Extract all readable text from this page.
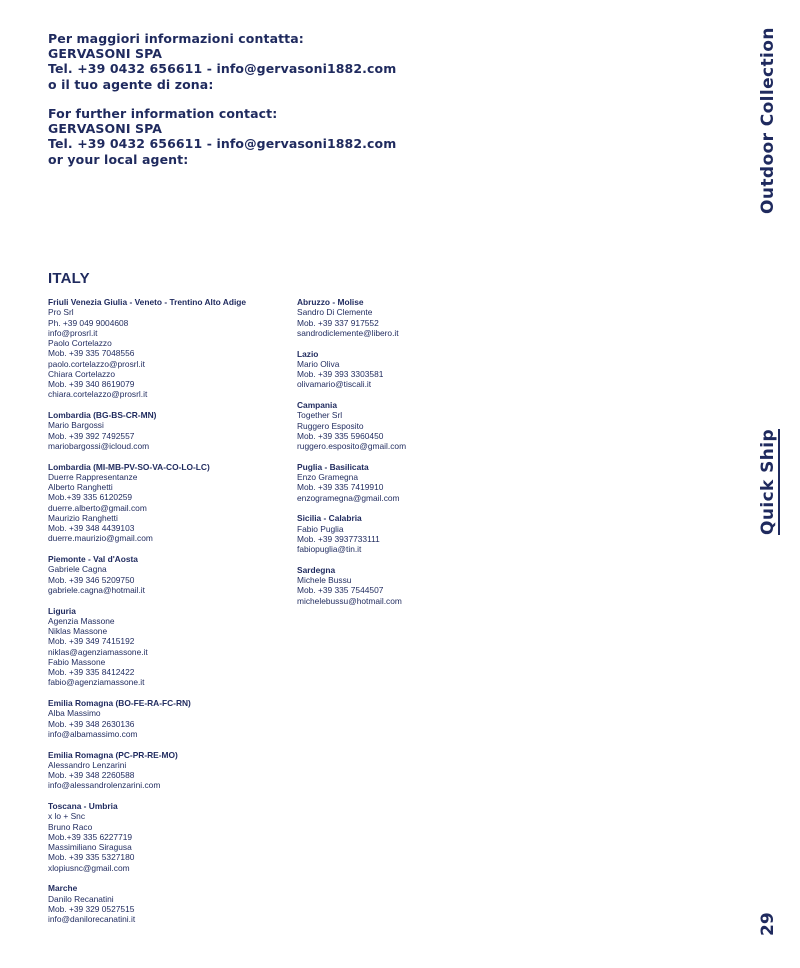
Per maggiori informazioni contatta:
GERVASONI SPA
Tel. +39 0432 656611 - info@gervasoni1882.com
o il tuo agente di zona:
For further information contact:
GERVASONI SPA
Tel. +39 0432 656611 - info@gervasoni1882.com
or your local agent:	Outdoor Collection
Quick Ship
29
ITALY
Friuli Venezia Giulia - Veneto - Trentino Alto Adige
Pro Srl
Ph. +39 049 9004608
info@prosrl.it
Paolo Cortelazzo
Mob. +39 335 7048556
paolo.cortelazzo@prosrl.it
Chiara Cortelazzo
Mob. +39 340 8619079
chiara.cortelazzo@prosrl.it
Lombardia (BG-BS-CR-MN)
Mario Bargossi
Mob. +39 392 7492557
mariobargossi@icloud.com
Lombardia (MI-MB-PV-SO-VA-CO-LO-LC)
Duerre Rappresentanze
Alberto Ranghetti
Mob.+39 335 6120259
duerre.alberto@gmail.com
Maurizio Ranghetti
Mob. +39 348 4439103
duerre.maurizio@gmail.com
Piemonte - Val d'Aosta
Gabriele Cagna
Mob. +39 346 5209750
gabriele.cagna@hotmail.it
Liguria
Agenzia Massone
Niklas Massone
Mob. +39 349 7415192
niklas@agenziamassone.it
Fabio Massone
Mob. +39 335 8412422
fabio@agenziamassone.it
Emilia Romagna (BO-FE-RA-FC-RN)
Alba Massimo
Mob. +39 348 2630136
info@albamassimo.com
Emilia Romagna (PC-PR-RE-MO)
Alessandro Lenzarini
Mob. +39 348 2260588
info@alessandrolenzarini.com
Toscana - Umbria
x lo + Snc
Bruno Raco
Mob.+39 335 6227719
Massimiliano Siragusa
Mob. +39 335 5327180
xlopiusnc@gmail.com
Marche
Danilo Recanatini
Mob. +39 329 0527515
info@danilorecanatini.it
Abruzzo - Molise
Sandro Di Clemente
Mob. +39 337 917552
sandrodiclemente@libero.it
Lazio
Mario Oliva
Mob. +39 393 3303581
olivamario@tiscali.it
Campania
Together Srl
Ruggero Esposito
Mob. +39 335 5960450
ruggero.esposito@gmail.com
Puglia - Basilicata
Enzo Gramegna
Mob. +39 335 7419910
enzogramegna@gmail.com
Sicilia - Calabria
Fabio Puglia
Mob. +39 3937733111
fabiopuglia@tin.it
Sardegna
Michele Bussu
Mob. +39 335 7544507
michelebussu@hotmail.com
